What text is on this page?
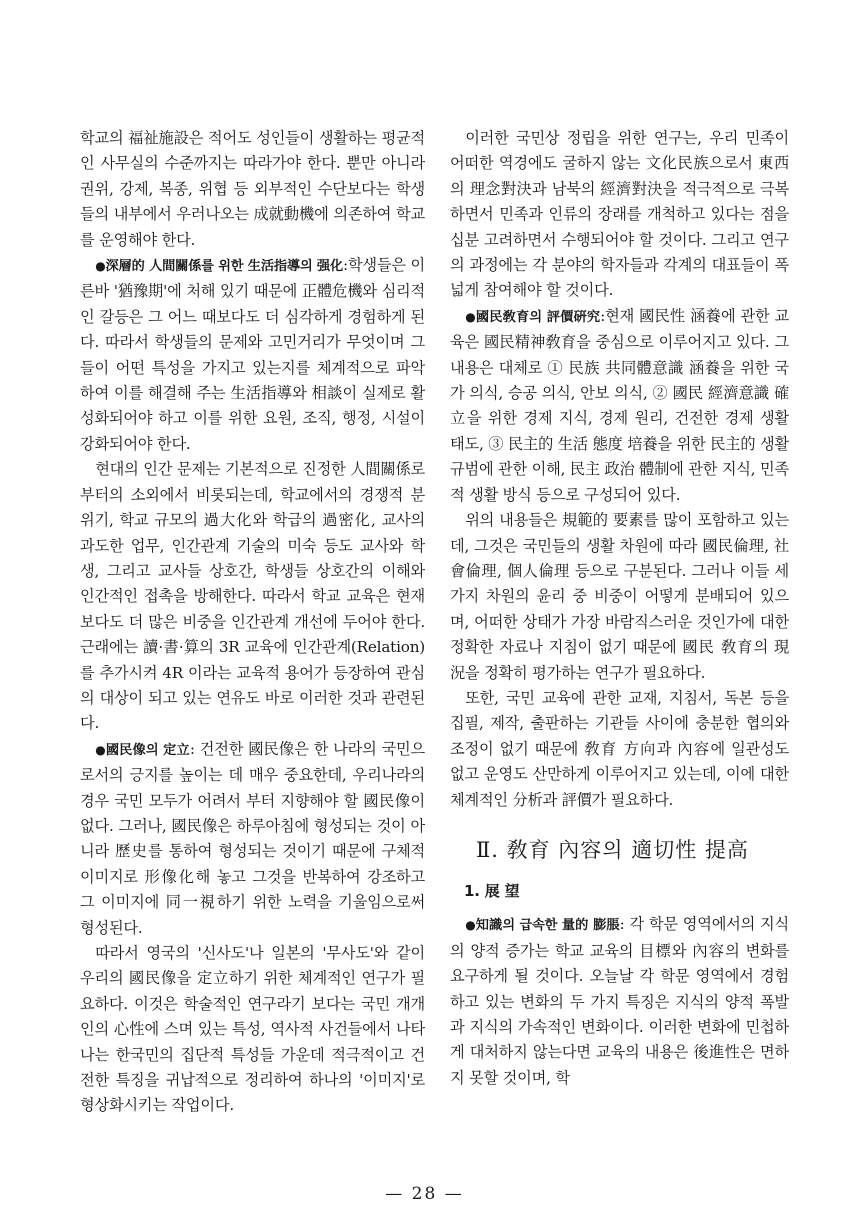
학교의 福祉施設은 적어도 성인들이 생활하는 평균적인 사무실의 수준까지는 따라가야 한다. 뿐만 아니라 권위, 강제, 복종, 위협 등 외부적인 수단보다는 학생들의 내부에서 우러나오는 成就動機에 의존하여 학교를 운영해야 한다.

●深層的 人間關係를 위한 生活指導의 强化:학생들은 이른바 '猶豫期'에 처해 있기 때문에 正體危機와 심리적인 갈등은 그 어느 때보다도 더 심각하게 경험하게 된다. 따라서 학생들의 문제와 고민거리가 무엇이며 그들이 어떤 특성을 가지고 있는지를 체계적으로 파악하여 이를 해결해 주는 生活指導와 相談이 실제로 활성화되어야 하고 이를 위한 요원, 조직, 행정, 시설이 강화되어야 한다.

현대의 인간 문제는 기본적으로 진정한 人間關係로부터의 소외에서 비롯되는데, 학교에서의 경쟁적 분위기, 학교 규모의 過大化와 학급의 過密化, 교사의 과도한 업무, 인간관계 기술의 미숙 등도 교사와 학생, 그리고 교사들 상호간, 학생들 상호간의 이해와 인간적인 접촉을 방해한다. 따라서 학교 교육은 현재보다도 더 많은 비중을 인간관계 개선에 두어야 한다. 근래에는 讀·書·算의 3R 교육에 인간관계(Relation)를 추가시켜 4R 이라는 교육적 용어가 등장하여 관심의 대상이 되고 있는 연유도 바로 이러한 것과 관련된다.

●國民像의 定立: 건전한 國民像은 한 나라의 국민으로서의 긍지를 높이는 데 매우 중요한데, 우리나라의 경우 국민 모두가 어려서 부터 지향해야 할 國民像이 없다. 그러나, 國民像은 하루아침에 형성되는 것이 아니라 歷史를 통하여 형성되는 것이기 때문에 구체적 이미지로 形像化해 놓고 그것을 반복하여 강조하고 그 이미지에 同一視하기 위한 노력을 기울임으로써 형성된다.

따라서 영국의 '신사도'나 일본의 '무사도'와 같이 우리의 國民像을 定立하기 위한 체계적인 연구가 필요하다. 이것은 학술적인 연구라기 보다는 국민 개개인의 心性에 스며 있는 특성, 역사적 사건들에서 나타나는 한국민의 집단적 특성들 가운데 적극적이고 건전한 특징을 귀납적으로 정리하여 하나의 '이미지'로 형상화시키는 작업이다.

이러한 국민상 정립을 위한 연구는, 우리 민족이 어떠한 역경에도 굴하지 않는 文化民族으로서 東西의 理念對決과 남북의 經濟對決을 적극적으로 극복하면서 민족과 인류의 장래를 개척하고 있다는 점을 십분 고려하면서 수행되어야 할 것이다. 그리고 연구의 과정에는 각 분야의 학자들과 각계의 대표들이 폭넓게 참여해야 할 것이다.

●國民敎育의 評價硏究:현재 國民性 涵養에 관한 교육은 國民精神敎育을 중심으로 이루어지고 있다. 그 내용은 대체로 ① 民族 共同體意識 涵養을 위한 국가 의식, 승공 의식, 안보 의식, ② 國民 經濟意識 確立을 위한 경제 지식, 경제 원리, 건전한 경제 생활 태도, ③ 民主的 生活 態度 培養을 위한 民主的 생활 규범에 관한 이해, 民主 政治 體制에 관한 지식, 민족적 생활 방식 등으로 구성되어 있다.

위의 내용들은 規範的 要素를 많이 포함하고 있는데, 그것은 국민들의 생활 차원에 따라 國民倫理, 社會倫理, 個人倫理 등으로 구분된다. 그러나 이들 세 가지 차원의 윤리 중 비중이 어떻게 분배되어 있으며, 어떠한 상태가 가장 바람직스러운 것인가에 대한 정확한 자료나 지침이 없기 때문에 國民 敎育의 現況을 정확히 평가하는 연구가 필요하다.

또한, 국민 교육에 관한 교재, 지침서, 독본 등을 집필, 제작, 출판하는 기관들 사이에 충분한 협의와 조정이 없기 때문에 敎育 方向과 內容에 일관성도 없고 운영도 산만하게 이루어지고 있는데, 이에 대한 체계적인 分析과 評價가 필요하다.

Ⅱ. 敎育 內容의 適切性 提高
1. 展 望

●知識의 급속한 量的 膨脹: 각 학문 영역에서의 지식의 양적 증가는 학교 교육의 目標와 內容의 변화를 요구하게 될 것이다. 오늘날 각 학문 영역에서 경험하고 있는 변화의 두 가지 특징은 지식의 양적 폭발과 지식의 가속적인 변화이다. 이러한 변화에 민첩하게 대처하지 않는다면 교육의 내용은 後進性은 면하지 못할 것이며, 학

— 28 —
